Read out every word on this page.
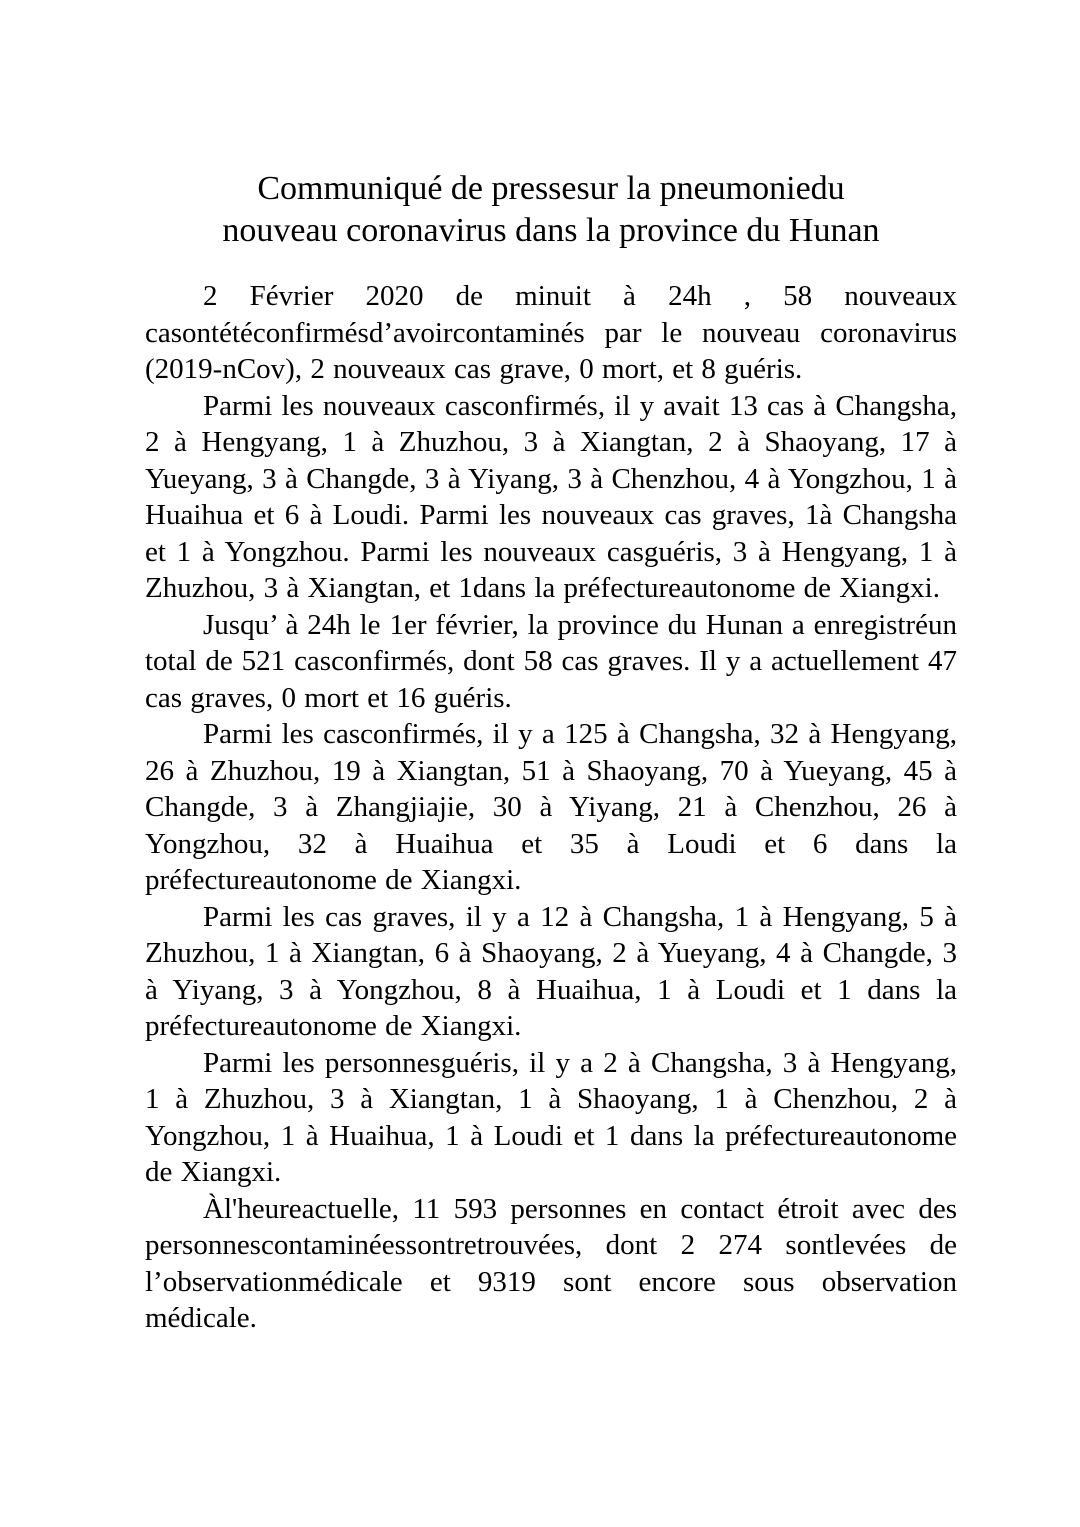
Communiqué de pressesur la pneumoniedu
nouveau coronavirus dans la province du Hunan

2 Février 2020 de minuit à 24h , 58 nouveaux casontétéconfirmésd’avoircontaminés par le nouveau coronavirus (2019-nCov), 2 nouveaux cas grave, 0 mort, et 8 guéris.

Parmi les nouveaux casconfirmés, il y avait 13 cas à Changsha, 2 à Hengyang, 1 à Zhuzhou, 3 à Xiangtan, 2 à Shaoyang, 17 à Yueyang, 3 à Changde, 3 à Yiyang, 3 à Chenzhou, 4 à Yongzhou, 1 à Huaihua et 6 à Loudi. Parmi les nouveaux cas graves, 1à Changsha et 1 à Yongzhou. Parmi les nouveaux casguéris, 3 à Hengyang, 1 à Zhuzhou, 3 à Xiangtan, et 1dans la préfectureautonome de Xiangxi.

Jusqu’ à 24h le 1er février, la province du Hunan a enregistréun total de 521 casconfirmés, dont 58 cas graves. Il y a actuellement 47 cas graves, 0 mort et 16 guéris.

Parmi les casconfirmés, il y a 125 à Changsha, 32 à Hengyang, 26 à Zhuzhou, 19 à Xiangtan, 51 à Shaoyang, 70 à Yueyang, 45 à Changde, 3 à Zhangjiajie, 30 à Yiyang, 21 à Chenzhou, 26 à Yongzhou, 32 à Huaihua et 35 à Loudi et 6 dans la préfectureautonome de Xiangxi.

Parmi les cas graves, il y a 12 à Changsha, 1 à Hengyang, 5 à Zhuzhou, 1 à Xiangtan, 6 à Shaoyang, 2 à Yueyang, 4 à Changde, 3 à Yiyang, 3 à Yongzhou, 8 à Huaihua, 1 à Loudi et 1 dans la préfectureautonome de Xiangxi.

Parmi les personnesguéris, il y a 2 à Changsha, 3 à Hengyang, 1 à Zhuzhou, 3 à Xiangtan, 1 à Shaoyang, 1 à Chenzhou, 2 à Yongzhou, 1 à Huaihua, 1 à Loudi et 1 dans la préfectureautonome de Xiangxi.

Àl'heureactuelle, 11 593 personnes en contact étroit avec des personnescontaminéessontretrouvées, dont 2 274 sontlevées de l’observationmédicale et 9319 sont encore sous observation médicale.
